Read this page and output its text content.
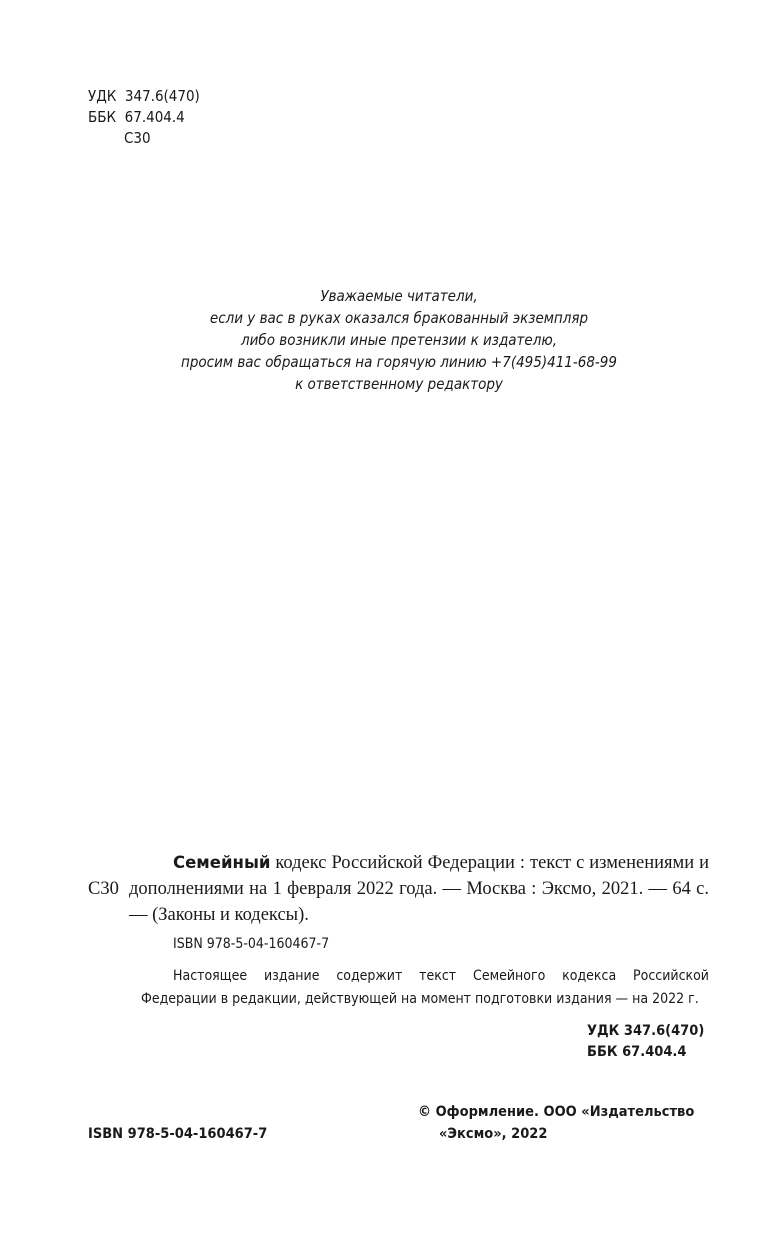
УДК  347.6(470)
ББК  67.404.4
С30
Уважаемые читатели,
если у вас в руках оказался бракованный экземпляр
либо возникли иные претензии к издателю,
просим вас обращаться на горячую линию +7(495)411-68-99
к ответственному редактору
С30
Семейный кодекс Российской Федерации : текст с изменениями и дополнениями на 1 февраля 2022 года. — Москва : Эксмо, 2021. — 64 с. — (Законы и кодексы).
ISBN 978-5-04-160467-7
Настоящее издание содержит текст Семейного кодекса Российской Федерации в редакции, действующей на момент подготовки издания — на 2022 г.
УДК 347.6(470)
ББК 67.404.4
© Оформление. ООО «Издательство
«Эксмо», 2022
ISBN 978-5-04-160467-7
